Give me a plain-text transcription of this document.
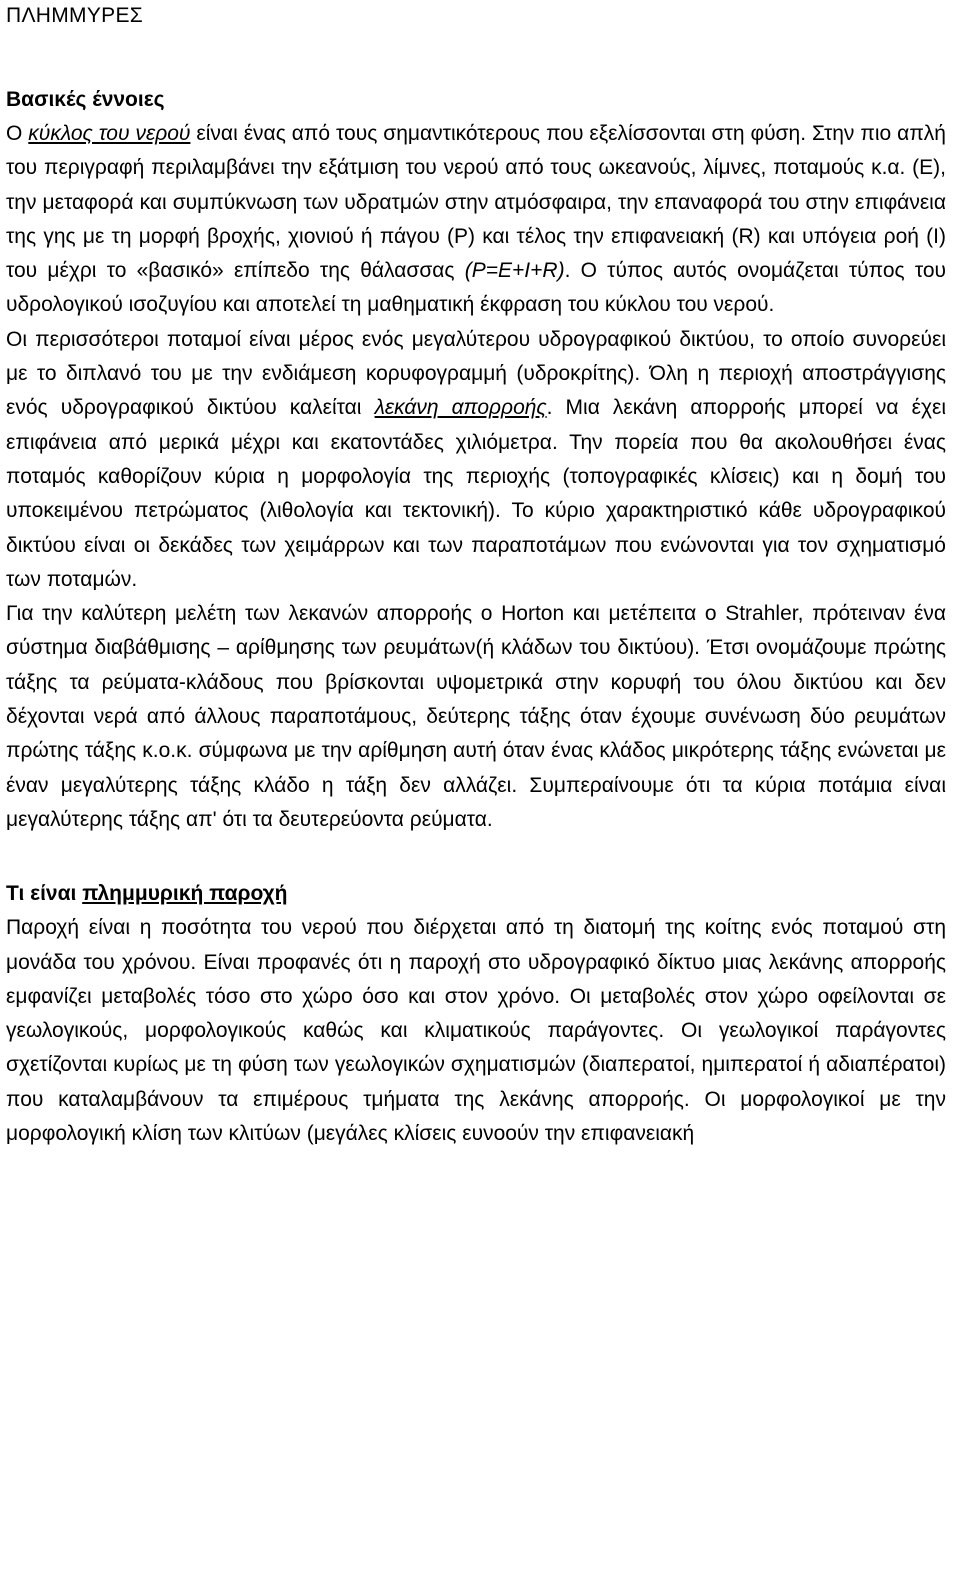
ΠΛΗΜΜΥΡΕΣ
Βασικές έννοιες

Ο κύκλος του νερού είναι ένας από τους σημαντικότερους που εξελίσσονται στη φύση. Στην πιο απλή του περιγραφή περιλαμβάνει την εξάτμιση του νερού από τους ωκεανούς, λίμνες, ποταμούς κ.α. (Ε), την μεταφορά και συμπύκνωση των υδρατμών στην ατμόσφαιρα, την επαναφορά του στην επιφάνεια της γης με τη μορφή βροχής, χιονιού ή πάγου (Ρ) και τέλος την επιφανειακή (R) και υπόγεια ροή (Ι) του μέχρι το «βασικό» επίπεδο της θάλασσας (P=E+I+R). Ο τύπος αυτός ονομάζεται τύπος του υδρολογικού ισοζυγίου και αποτελεί τη μαθηματική έκφραση του κύκλου του νερού.

Οι περισσότεροι ποταμοί είναι μέρος ενός μεγαλύτερου υδρογραφικού δικτύου, το οποίο συνορεύει με το διπλανό του με την ενδιάμεση κορυφογραμμή (υδροκρίτης). Όλη η περιοχή αποστράγγισης ενός υδρογραφικού δικτύου καλείται λεκάνη απορροής. Μια λεκάνη απορροής μπορεί να έχει επιφάνεια από μερικά μέχρι και εκατοντάδες χιλιόμετρα. Την πορεία που θα ακολουθήσει ένας ποταμός καθορίζουν κύρια η μορφολογία της περιοχής (τοπογραφικές κλίσεις) και η δομή του υποκειμένου πετρώματος (λιθολογία και τεκτονική). Το κύριο χαρακτηριστικό κάθε υδρογραφικού δικτύου είναι οι δεκάδες των χειμάρρων και των παραποτάμων που ενώνονται για τον σχηματισμό των ποταμών.

Για την καλύτερη μελέτη των λεκανών απορροής ο Horton και μετέπειτα ο Strahler, πρότειναν ένα σύστημα διαβάθμισης – αρίθμησης των ρευμάτων(ή κλάδων του δικτύου). Έτσι ονομάζουμε πρώτης τάξης τα ρεύματα-κλάδους που βρίσκονται υψομετρικά στην κορυφή του όλου δικτύου και δεν δέχονται νερά από άλλους παραποτάμους, δεύτερης τάξης όταν έχουμε συνένωση δύο ρευμάτων πρώτης τάξης κ.ο.κ. σύμφωνα με την αρίθμηση αυτή όταν ένας κλάδος μικρότερης τάξης ενώνεται με έναν μεγαλύτερης τάξης κλάδο η τάξη δεν αλλάζει. Συμπεραίνουμε ότι τα κύρια ποτάμια είναι μεγαλύτερης τάξης απ' ότι τα δευτερεύοντα ρεύματα.

Τι είναι πλημμυρική παροχή

Παροχή είναι η ποσότητα του νερού που διέρχεται από τη διατομή της κοίτης ενός ποταμού στη μονάδα του χρόνου. Είναι προφανές ότι η παροχή στο υδρογραφικό δίκτυο μιας λεκάνης απορροής εμφανίζει μεταβολές τόσο στο χώρο όσο και στον χρόνο. Οι μεταβολές στον χώρο οφείλονται σε γεωλογικούς, μορφολογικούς καθώς και κλιματικούς παράγοντες. Οι γεωλογικοί παράγοντες σχετίζονται κυρίως με τη φύση των γεωλογικών σχηματισμών (διαπερατοί, ημιπερατοί ή αδιαπέρατοι) που καταλαμβάνουν τα επιμέρους τμήματα της λεκάνης απορροής. Οι μορφολογικοί με την μορφολογική κλίση των κλιτύων (μεγάλες κλίσεις ευνοούν την επιφανειακή
